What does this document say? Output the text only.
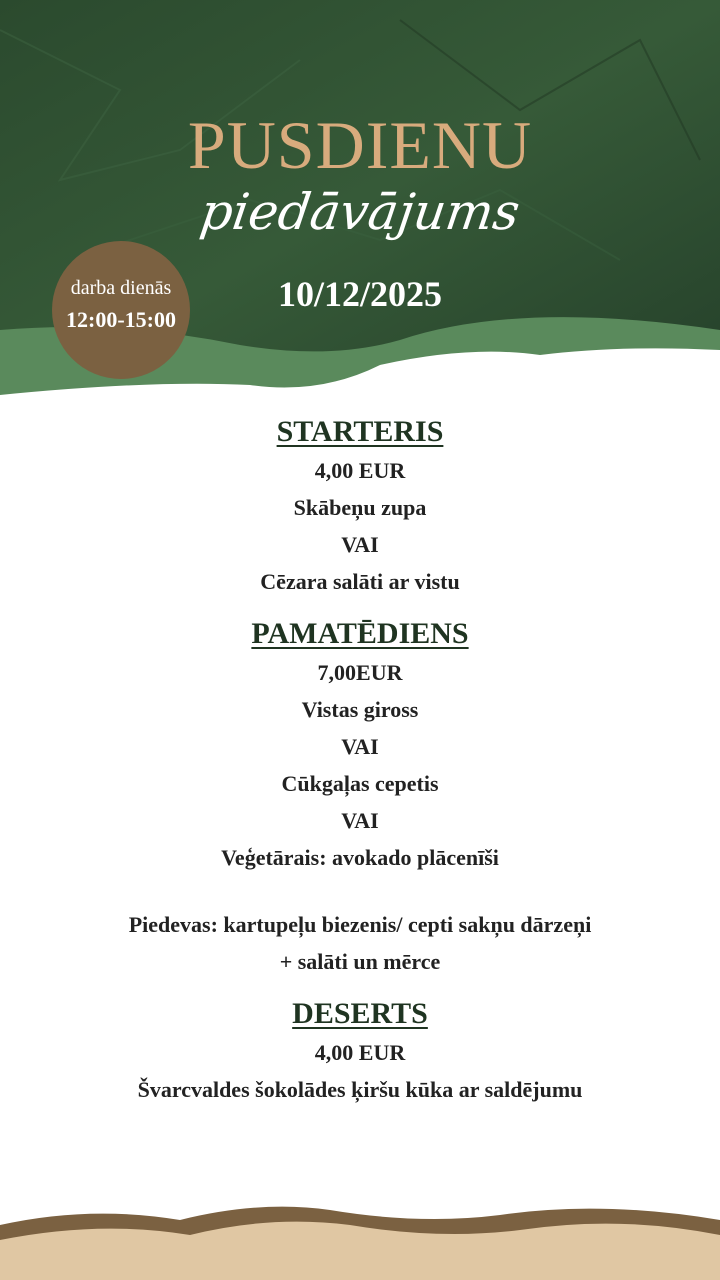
PUSDIENU
piedāvājums
10/12/2025
darba dienās
12:00-15:00
STARTERIS
4,00 EUR
Skābeņu zupa
VAI
Cēzara salāti ar vistu
PAMATĒDIENS
7,00EUR
Vistas giross
VAI
Cūkgaļas cepetis
VAI
Veģetārais: avokado plācenīši
Piedevas: kartupeļu biezenis/ cepti sakņu dārzeņi
+ salāti un mērce
DESERTS
4,00 EUR
Švarcvaldes šokolādes ķiršu kūka ar saldējumu
